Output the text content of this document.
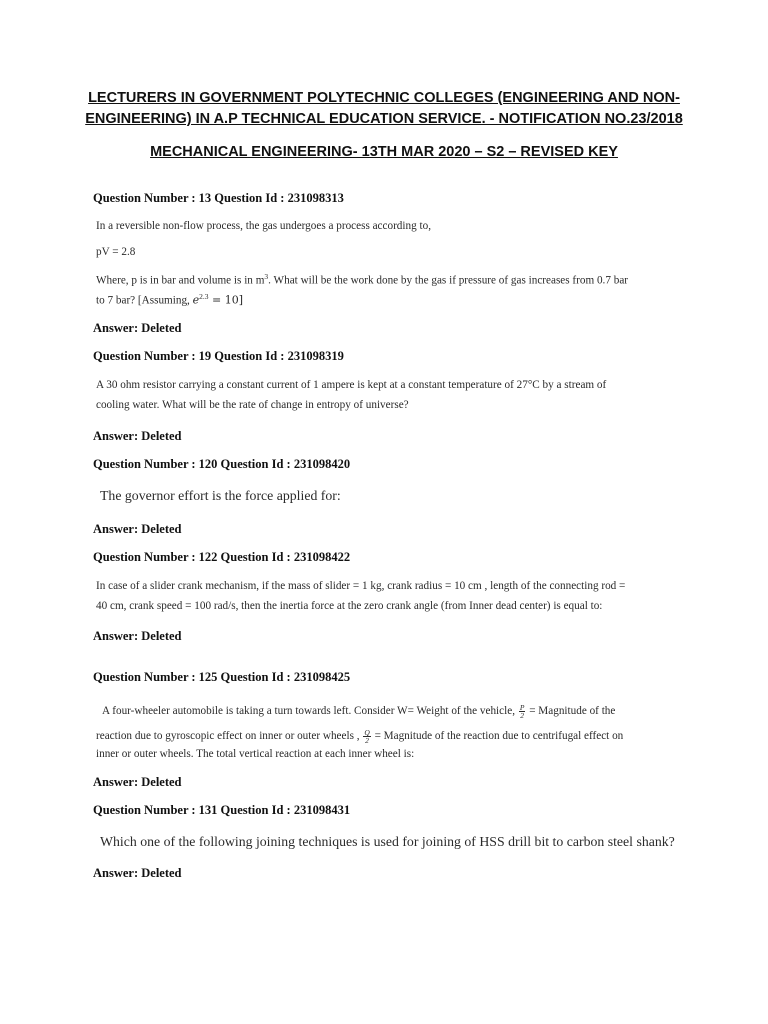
LECTURERS IN GOVERNMENT POLYTECHNIC COLLEGES (ENGINEERING AND NON-
ENGINEERING) IN A.P TECHNICAL EDUCATION SERVICE. - NOTIFICATION NO.23/2018
MECHANICAL ENGINEERING- 13TH MAR 2020 – S2 – REVISED KEY
Question Number : 13 Question Id : 231098313
In a reversible non-flow process, the gas undergoes a process according to,
pV = 2.8
Where, p is in bar and volume is in $m^3$. What will be the work done by the gas if pressure of gas increases from 0.7 bar
to 7 bar? [Assuming, $e^{2.3} = 10$]
Answer: Deleted
Question Number : 19 Question Id : 231098319
A 30 ohm resistor carrying a constant current of 1 ampere is kept at a constant temperature of 27°C by a stream of
cooling water. What will be the rate of change in entropy of universe?
Answer: Deleted
Question Number : 120 Question Id : 231098420
The governor effort is the force applied for:
Answer: Deleted
Question Number : 122 Question Id : 231098422
In case of a slider crank mechanism, if the mass of slider = 1 kg, crank radius = 10 cm , length of the connecting rod =
40 cm, crank speed = 100 rad/s, then the inertia force at the zero crank angle (from Inner dead center) is equal to:
Answer: Deleted
Question Number : 125 Question Id : 231098425
A four-wheeler automobile is taking a turn towards left. Consider W= Weight of the vehicle, $\frac{P}{2}$ = Magnitude of the
reaction due to gyroscopic effect on inner or outer wheels , $\frac{Q}{2}$ = Magnitude of the reaction due to centrifugal effect on
inner or outer wheels. The total vertical reaction at each inner wheel is:
Answer: Deleted
Question Number : 131 Question Id : 231098431
Which one of the following joining techniques is used for joining of HSS drill bit to carbon steel shank?
Answer: Deleted
